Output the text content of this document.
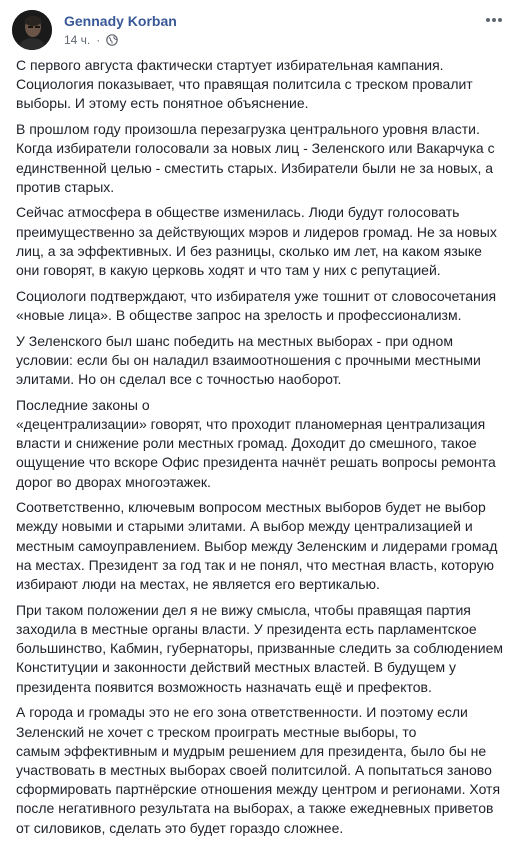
Gennady Korban
14 ч. ·
С первого августа фактически стартует избирательная кампания.
Социология показывает, что правящая политсила с треском провалит
выборы. И этому есть понятное объяснение.
В прошлом году произошла перезагрузка центрального уровня власти.
Когда избиратели голосовали за новых лиц - Зеленского или Вакарчука с
единственной целью - сместить старых. Избиратели были не за новых, а
против старых.
Сейчас атмосфера в обществе изменилась. Люди будут голосовать
преимущественно за действующих мэров и лидеров громад. Не за новых
лиц, а за эффективных. И без разницы, сколько им лет, на каком языке
они говорят, в какую церковь ходят и что там у них с репутацией.
Социологи подтверждают, что избирателя уже тошнит от словосочетания
«новые лица». В обществе запрос на зрелость и профессионализм.
У Зеленского был шанс победить на местных выборах - при одном
условии: если бы он наладил взаимоотношения с прочными местными
элитами. Но он сделал все с точностью наоборот.
Последние законы о
«децентрализации» говорят, что проходит планомерная централизация
власти и снижение роли местных громад. Доходит до смешного, такое
ощущение что вскоре Офис президента начнёт решать вопросы ремонта
дорог во дворах многоэтажек.
Соответственно, ключевым вопросом местных выборов будет не выбор
между новыми и старыми элитами. А выбор между централизацией и
местным самоуправлением. Выбор между Зеленским и лидерами громад
на местах. Президент за год так и не понял, что местная власть, которую
избирают люди на местах, не является его вертикалью.
При таком положении дел я не вижу смысла, чтобы правящая партия
заходила в местные органы власти. У президента есть парламентское
большинство, Кабмин, губернаторы, призванные следить за соблюдением
Конституции и законности действий местных властей. В будущем у
президента появится возможность назначать ещё и префектов.
А города и громады это не его зона ответственности. И поэтому если
Зеленский не хочет с треском проиграть местные выборы, то
самым эффективным и мудрым решением для президента, было бы не
участвовать в местных выборах своей политсилой. А попытаться заново
сформировать партнёрские отношения между центром и регионами. Хотя
после негативного результата на выборах, а также ежедневных приветов
от силовиков, сделать это будет гораздо сложнее.
